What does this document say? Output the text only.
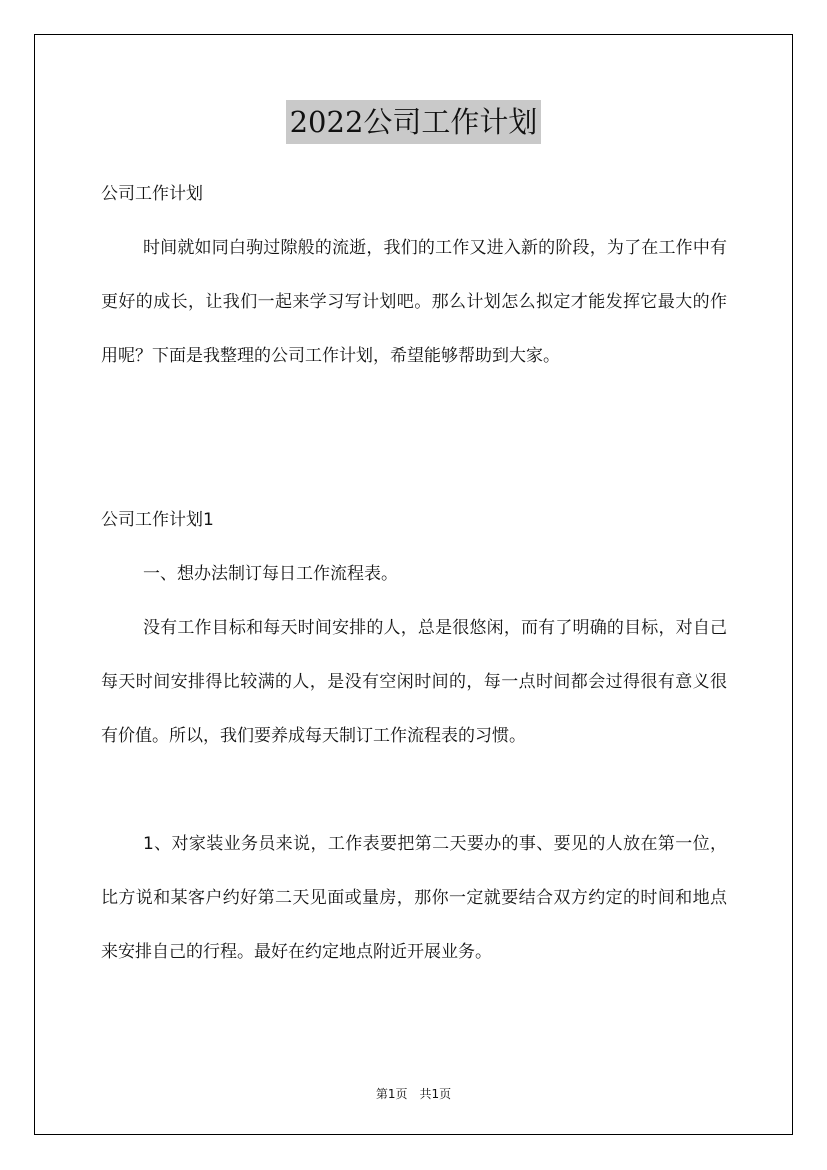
2022公司工作计划
公司工作计划
时间就如同白驹过隙般的流逝，我们的工作又进入新的阶段，为了在工作中有更好的成长，让我们一起来学习写计划吧。那么计划怎么拟定才能发挥它最大的作用呢？下面是我整理的公司工作计划，希望能够帮助到大家。
公司工作计划1
一、想办法制订每日工作流程表。
没有工作目标和每天时间安排的人，总是很悠闲，而有了明确的目标，对自己每天时间安排得比较满的人，是没有空闲时间的，每一点时间都会过得很有意义很有价值。所以，我们要养成每天制订工作流程表的习惯。
1、对家装业务员来说，工作表要把第二天要办的事、要见的人放在第一位，比方说和某客户约好第二天见面或量房，那你一定就要结合双方约定的时间和地点来安排自己的行程。最好在约定地点附近开展业务。
第1页 共1页
